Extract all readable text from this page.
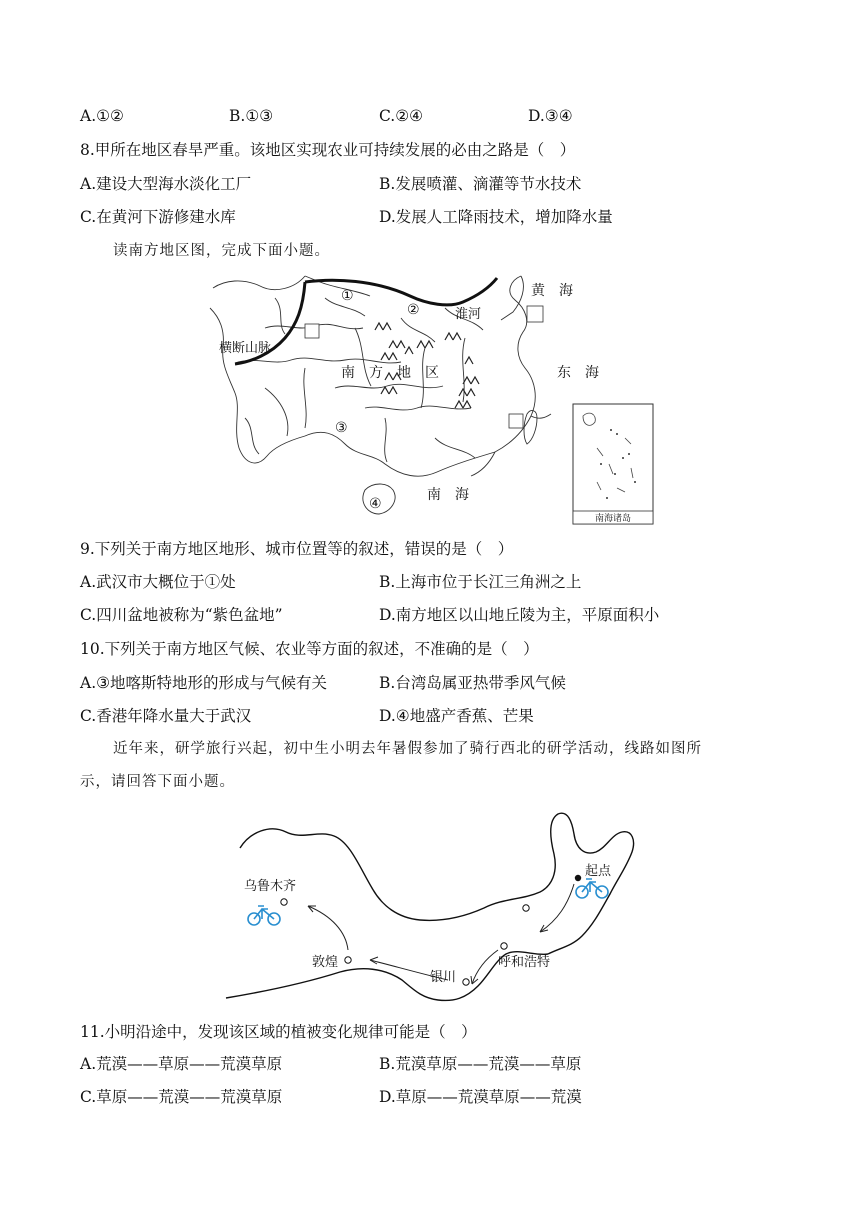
A.①②	B.①③	C.②④	D.③④
8.甲所在地区春旱严重。该地区实现农业可持续发展的必由之路是（　）
A.建设大型海水淡化工厂	B.发展喷灌、滴灌等节水技术
C.在黄河下游修建水库	D.发展人工降雨技术，增加降水量
读南方地区图，完成下面小题。
南海诸岛
黄　海
东　海
南　海
南　方　地　区
横断山脉
淮河
①
②
③
④
9.下列关于南方地区地形、城市位置等的叙述，错误的是（　）
A.武汉市大概位于①处	B.上海市位于长江三角洲之上
C.四川盆地被称为“紫色盆地”	D.南方地区以山地丘陵为主，平原面积小
10.下列关于南方地区气候、农业等方面的叙述，不准确的是（　）
A.③地喀斯特地形的形成与气候有关	B.台湾岛属亚热带季风气候
C.香港年降水量大于武汉	D.④地盛产香蕉、芒果
近年来，研学旅行兴起，初中生小明去年暑假参加了骑行西北的研学活动，线路如图所
示，请回答下面小题。
乌鲁木齐
起点
敦煌
银川
呼和浩特
11.小明沿途中，发现该区域的植被变化规律可能是（　）
A.荒漠——草原——荒漠草原	B.荒漠草原——荒漠——草原
C.草原——荒漠——荒漠草原	D.草原——荒漠草原——荒漠
